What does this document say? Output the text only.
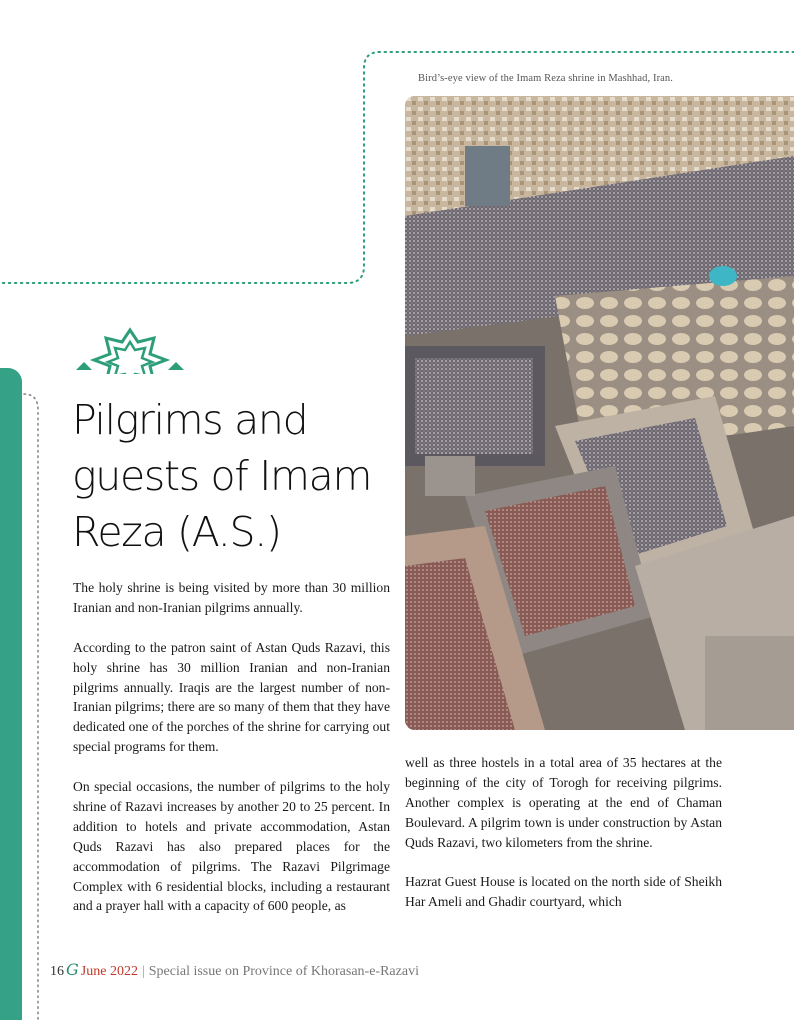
Bird’s-eye view of the Imam Reza shrine in Mashhad, Iran.
Pilgrims and
guests of Imam
Reza (A.S.)

The holy shrine is being visited by more than 30 million Iranian and non-Iranian pilgrims annually.

According to the patron saint of Astan Quds Razavi, this holy shrine has 30 million Iranian and non-Iranian pilgrims annually. Iraqis are the largest number of non-Iranian pilgrims; there are so many of them that they have dedicated one of the porches of the shrine for carrying out special programs for them.

On special occasions, the number of pilgrims to the holy shrine of Razavi increases by another 20 to 25 percent. In addition to hotels and private accommodation, Astan Quds Razavi has also prepared places for the accommodation of pilgrims. The Razavi Pilgrimage Complex with 6 residential blocks, including a restaurant and a prayer hall with a capacity of 600 people, as

well as three hostels in a total area of 35 hectares at the beginning of the city of Torogh for receiving pilgrims. Another complex is operating at the end of Chaman Boulevard. A pilgrim town is under construction by Astan Quds Razavi, two kilometers from the shrine.

Hazrat Guest House is located on the north side of Sheikh Har Ameli and Ghadir courtyard, which

16 G June 2022 | Special issue on Province of Khorasan-e-Razavi
